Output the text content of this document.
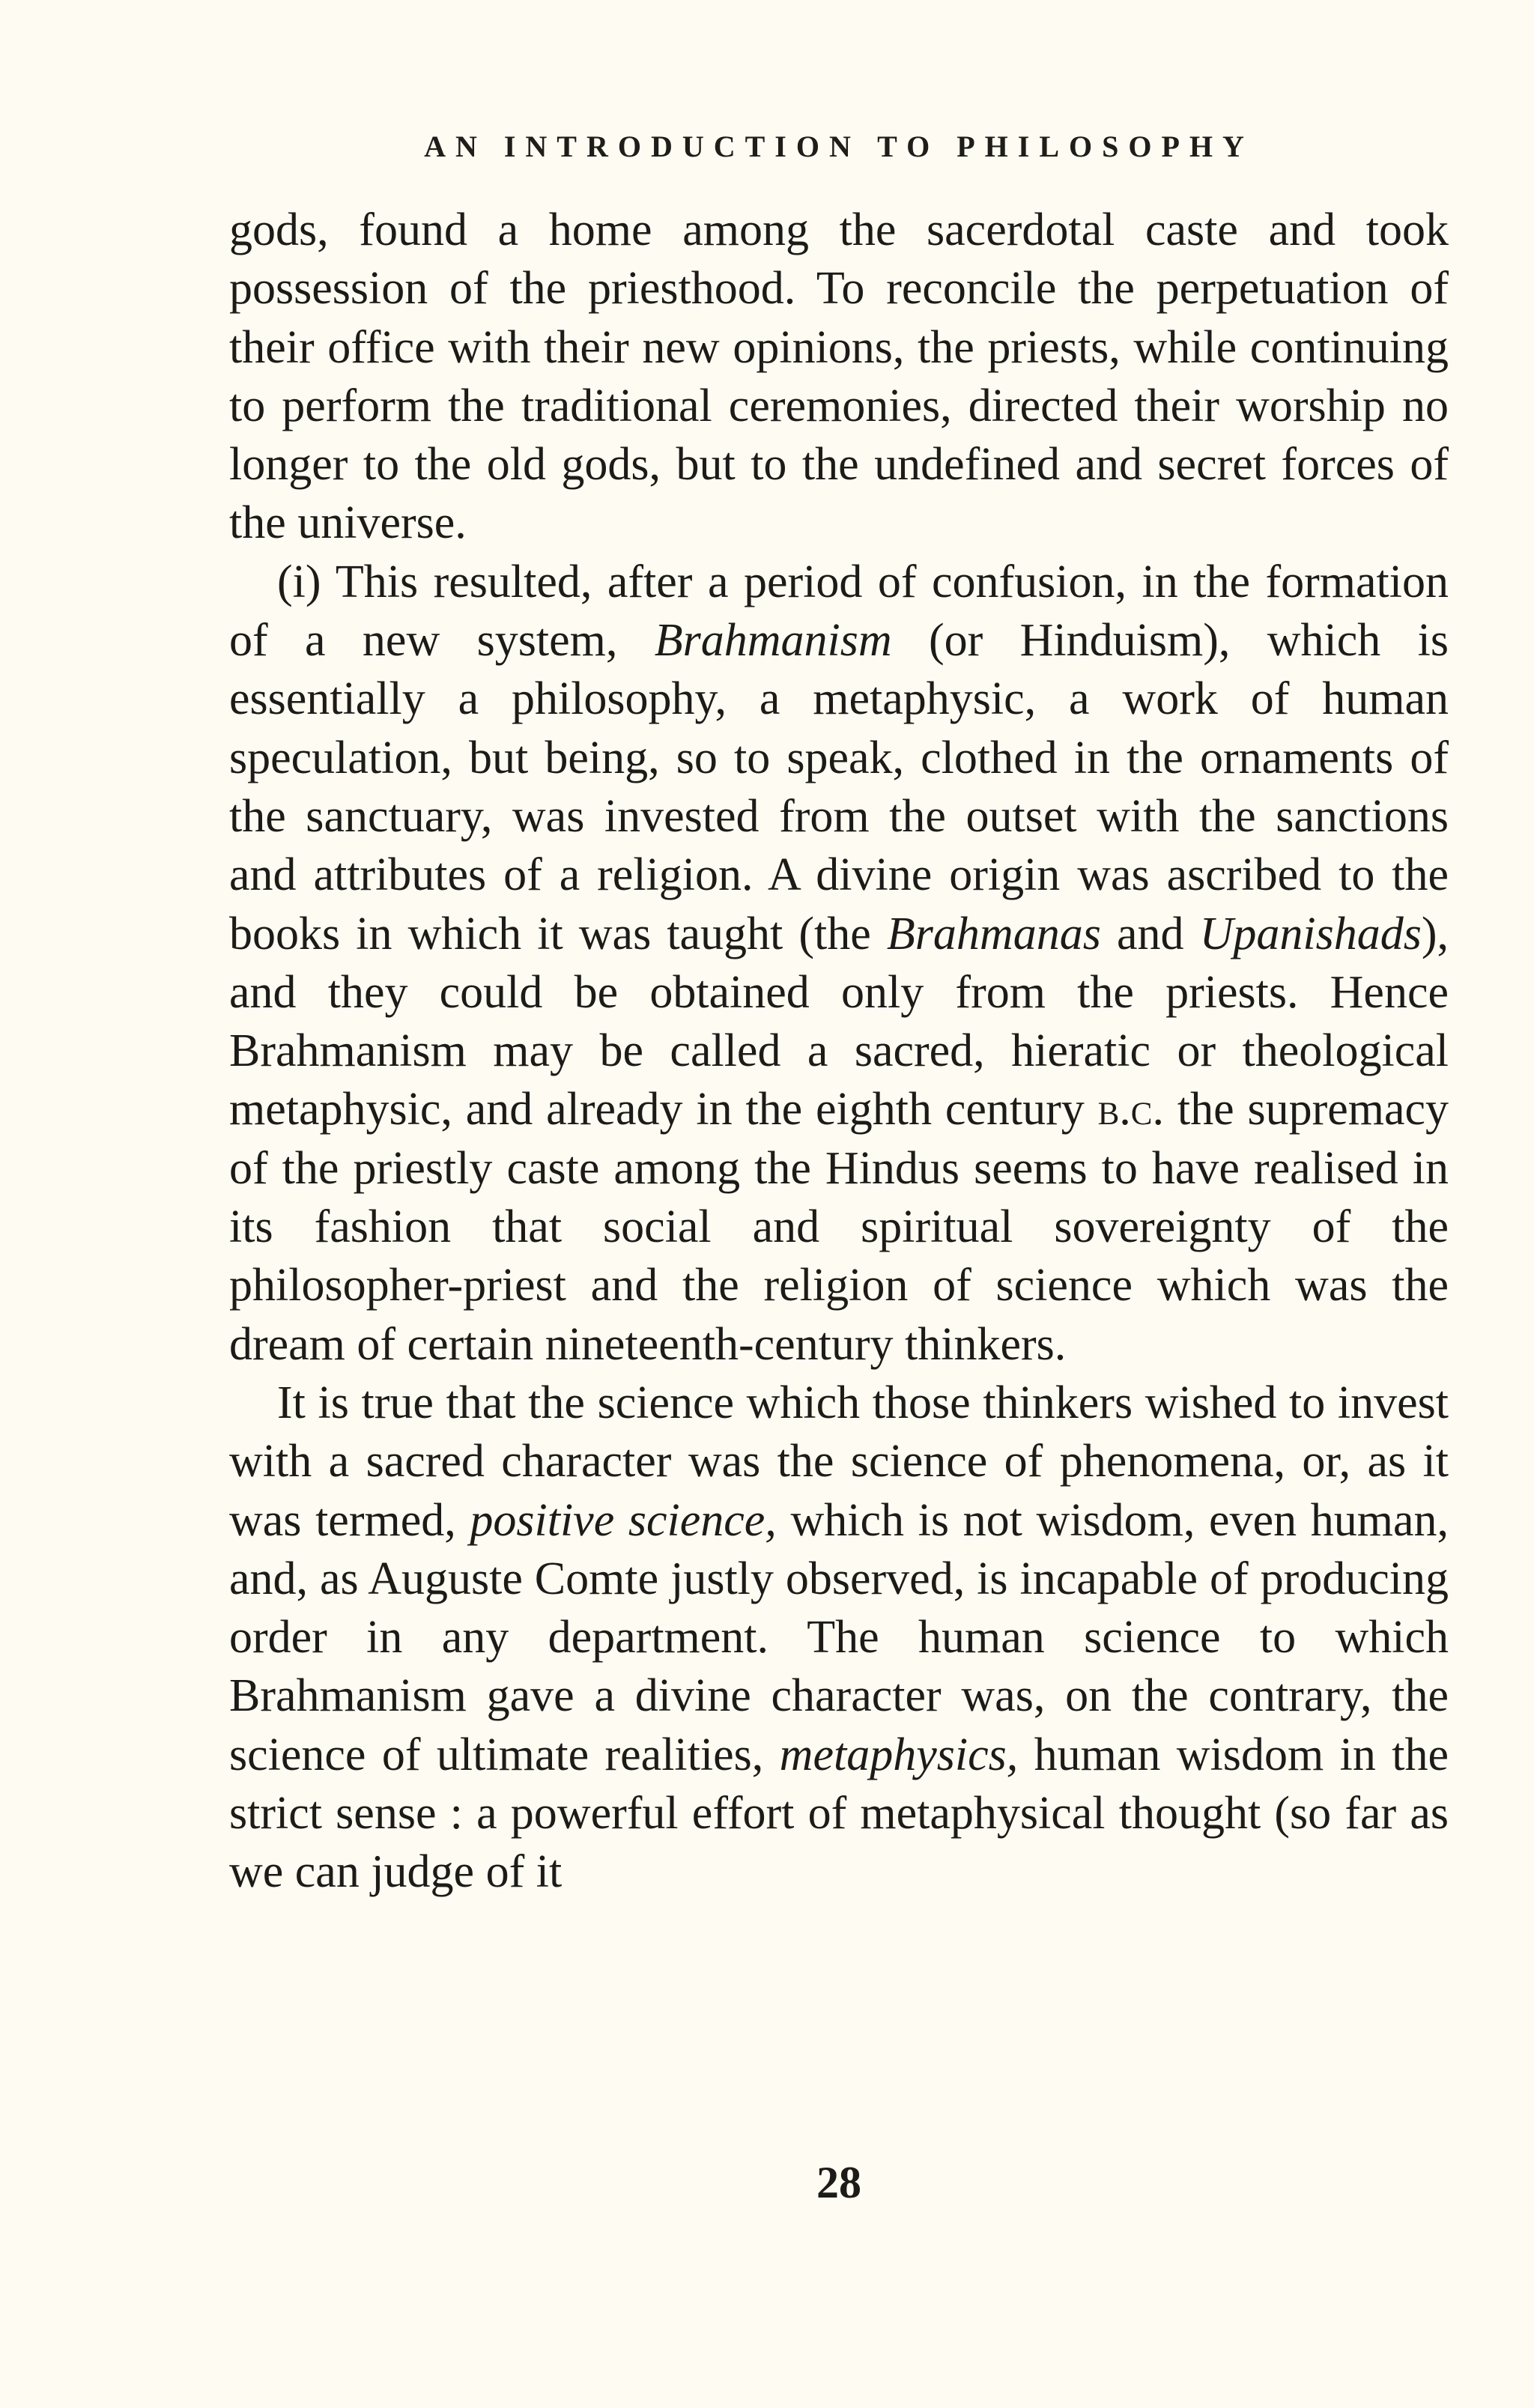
AN INTRODUCTION TO PHILOSOPHY

gods, found a home among the sacerdotal caste and took possession of the priesthood. To reconcile the perpetuation of their office with their new opinions, the priests, while continuing to perform the traditional ceremonies, directed their worship no longer to the old gods, but to the undefined and secret forces of the universe.

(i) This resulted, after a period of confusion, in the formation of a new system, Brahmanism (or Hinduism), which is essentially a philosophy, a metaphysic, a work of human speculation, but being, so to speak, clothed in the ornaments of the sanctuary, was invested from the outset with the sanctions and attributes of a religion. A divine origin was ascribed to the books in which it was taught (the Brahmanas and Upanishads), and they could be obtained only from the priests. Hence Brahmanism may be called a sacred, hieratic or theological metaphysic, and already in the eighth century b.c. the supremacy of the priestly caste among the Hindus seems to have realised in its fashion that social and spiritual sovereignty of the philosopher-priest and the religion of science which was the dream of certain nineteenth-century thinkers.

It is true that the science which those thinkers wished to invest with a sacred character was the science of phenomena, or, as it was termed, positive science, which is not wisdom, even human, and, as Auguste Comte justly observed, is incapable of producing order in any department. The human science to which Brahmanism gave a divine character was, on the contrary, the science of ultimate realities, metaphysics, human wisdom in the strict sense : a powerful effort of metaphysical thought (so far as we can judge of it

28
